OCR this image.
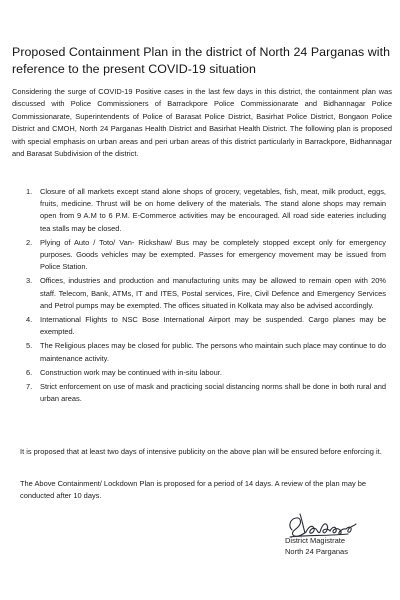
Proposed Containment Plan in the district of North 24 Parganas with reference to the present COVID-19 situation
Considering the surge of COVID-19 Positive cases in the last few days in this district, the containment plan was discussed with Police Commissioners of Barrackpore Police Commissionarate and Bidhannagar Police Commissionarate, Superintendents of Police of Barasat Police District, Basirhat Police District, Bongaon Police District and CMOH, North 24 Parganas Health District and Basirhat Health District. The following plan is proposed with special emphasis on urban areas and peri urban areas of this district particularly in Barrackpore, Bidhannagar and Barasat Subdivision of the district.
1. Closure of all markets except stand alone shops of grocery, vegetables, fish, meat, milk product, eggs, fruits, medicine. Thrust will be on home delivery of the materials. The stand alone shops may remain open from 9 A.M to 6 P.M. E-Commerce activities may be encouraged. All road side eateries including tea stalls may be closed.
2. Plying of Auto / Toto/ Van- Rickshaw/ Bus may be completely stopped except only for emergency purposes. Goods vehicles may be exempted. Passes for emergency movement may be issued from Police Station.
3. Offices, industries and production and manufacturing units may be allowed to remain open with 20% staff. Telecom, Bank, ATMs, IT and ITES, Postal services, Fire, Civil Defence and Emergency Services and Petrol pumps may be exempted. The offices situated in Kolkata may also be advised accordingly.
4. International Flights to NSC Bose International Airport may be suspended. Cargo planes may be exempted.
5. The Religious places may be closed for public. The persons who maintain such place may continue to do maintenance activity.
6. Construction work may be continued with in-situ labour.
7. Strict enforcement on use of mask and practicing social distancing norms shall be done in both rural and urban areas.
It is proposed that at least two days of intensive publicity on the above plan will be ensured before enforcing it.
The Above Containment/ Lockdown Plan is proposed for a period of 14 days. A review of the plan may be conducted after 10 days.
District Magistrate
North 24 Parganas
